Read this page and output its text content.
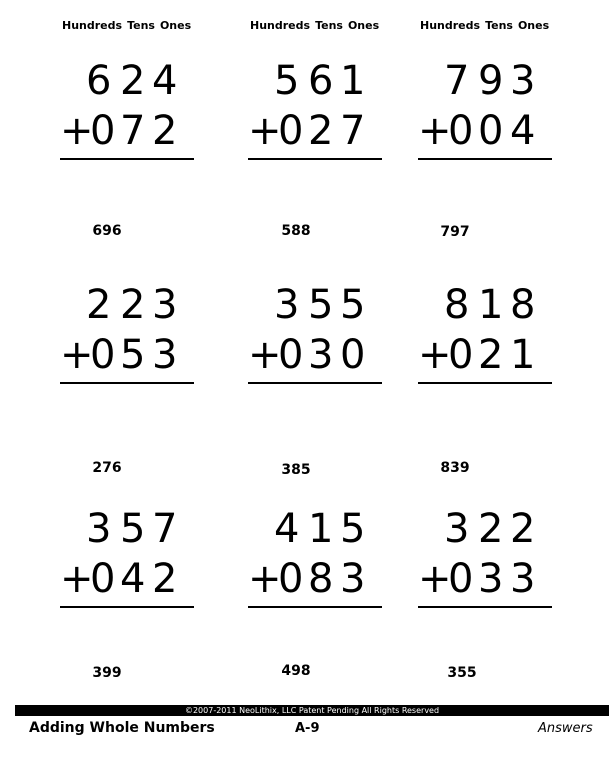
Hundreds Tens Ones
6 2 4
+
0 7 2
696
Hundreds Tens Ones
5 6 1
+
0 2 7
588
Hundreds Tens Ones
7 9 3
+
0 0 4
797
2 2 3
+
0 5 3
276
3 5 5
+
0 3 0
385
8 1 8
+
0 2 1
839
3 5 7
+
0 4 2
399
4 1 5
+
0 8 3
498
3 2 2
+
0 3 3
355
©2007-2011 NeoLithix, LLC Patent Pending All Rights Reserved
Adding Whole Numbers	A-9	Answers
